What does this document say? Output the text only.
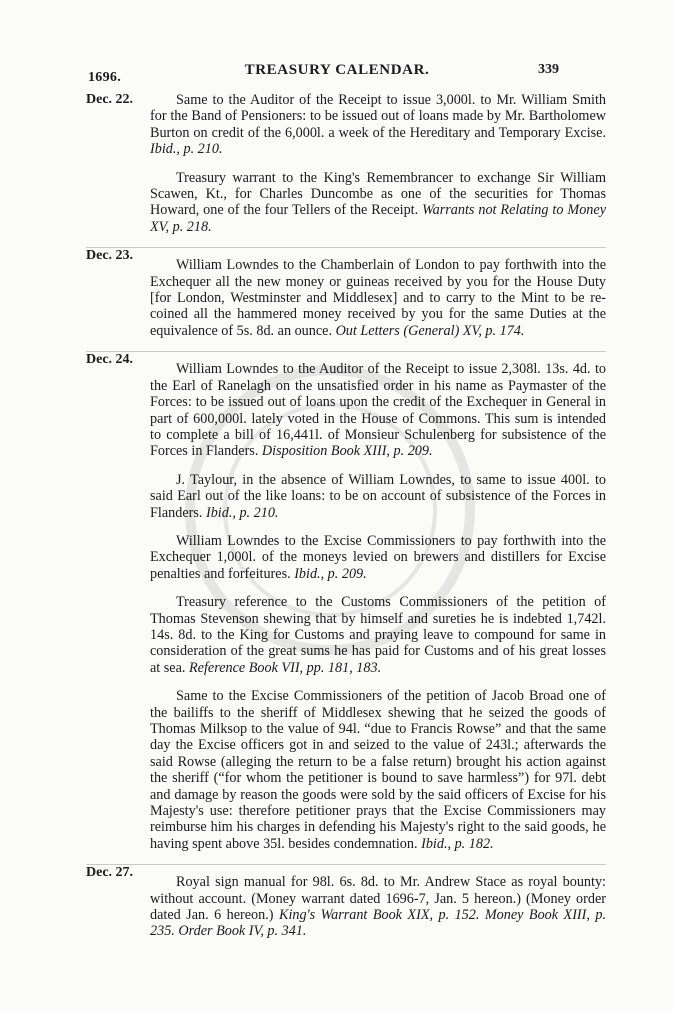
1696.	TREASURY CALENDAR.	339
Dec. 22.	Same to the Auditor of the Receipt to issue 3,000l. to Mr. William Smith for the Band of Pensioners: to be issued out of loans made by Mr. Bartholomew Burton on credit of the 6,000l. a week of the Hereditary and Temporary Excise. Ibid., p. 210.
Treasury warrant to the King's Remembrancer to exchange Sir William Scawen, Kt., for Charles Duncombe as one of the securities for Thomas Howard, one of the four Tellers of the Receipt. Warrants not Relating to Money XV, p. 218.
Dec. 23.
William Lowndes to the Chamberlain of London to pay forthwith into the Exchequer all the new money or guineas received by you for the House Duty [for London, Westminster and Middlesex] and to carry to the Mint to be re-coined all the hammered money received by you for the same Duties at the equivalence of 5s. 8d. an ounce. Out Letters (General) XV, p. 174.
Dec. 24.
William Lowndes to the Auditor of the Receipt to issue 2,308l. 13s. 4d. to the Earl of Ranelagh on the unsatisfied order in his name as Paymaster of the Forces: to be issued out of loans upon the credit of the Exchequer in General in part of 600,000l. lately voted in the House of Commons. This sum is intended to complete a bill of 16,441l. of Monsieur Schulenberg for subsistence of the Forces in Flanders. Disposition Book XIII, p. 209.
J. Taylour, in the absence of William Lowndes, to same to issue 400l. to said Earl out of the like loans: to be on account of subsistence of the Forces in Flanders. Ibid., p. 210.
William Lowndes to the Excise Commissioners to pay forthwith into the Exchequer 1,000l. of the moneys levied on brewers and distillers for Excise penalties and forfeitures. Ibid., p. 209.
Treasury reference to the Customs Commissioners of the petition of Thomas Stevenson shewing that by himself and sureties he is indebted 1,742l. 14s. 8d. to the King for Customs and praying leave to compound for same in consideration of the great sums he has paid for Customs and of his great losses at sea. Reference Book VII, pp. 181, 183.
Same to the Excise Commissioners of the petition of Jacob Broad one of the bailiffs to the sheriff of Middlesex shewing that he seized the goods of Thomas Milksop to the value of 94l. “due to Francis Rowse” and that the same day the Excise officers got in and seized to the value of 243l.; afterwards the said Rowse (alleging the return to be a false return) brought his action against the sheriff (“for whom the petitioner is bound to save harmless”) for 97l. debt and damage by reason the goods were sold by the said officers of Excise for his Majesty's use: therefore petitioner prays that the Excise Commissioners may reimburse him his charges in defending his Majesty's right to the said goods, he having spent above 35l. besides condemnation. Ibid., p. 182.
Dec. 27.
Royal sign manual for 98l. 6s. 8d. to Mr. Andrew Stace as royal bounty: without account. (Money warrant dated 1696-7, Jan. 5 hereon.) (Money order dated Jan. 6 hereon.) King's Warrant Book XIX, p. 152. Money Book XIII, p. 235. Order Book IV, p. 341.
